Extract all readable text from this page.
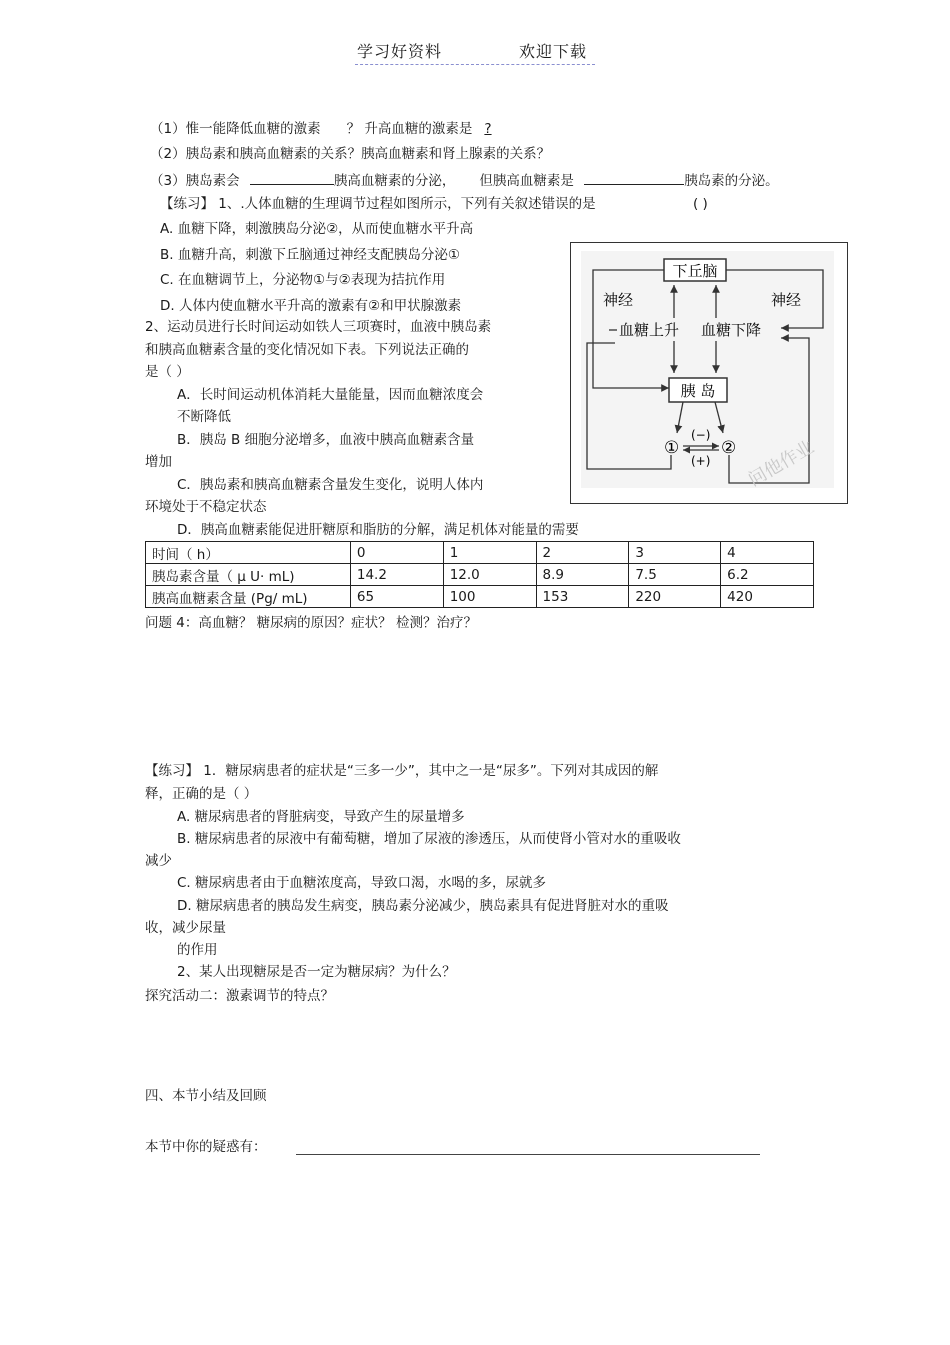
学习好资料	欢迎下载
（1）惟一能降低血糖的激素 ？ 升高血糖的激素是 ?
（2）胰岛素和胰高血糖素的关系？胰高血糖素和肾上腺素的关系？
（3）胰岛素会	胰高血糖素的分泌， 但胰高血糖素是	胰岛素的分泌。
【练习】 1、.人体血糖的生理调节过程如图所示，下列有关叙述错误的是	( )
A. 血糖下降，刺激胰岛分泌②，从而使血糖水平升高
B. 血糖升高，刺激下丘脑通过神经支配胰岛分泌①
C. 在血糖调节上，分泌物①与②表现为拮抗作用
D. 人体内使血糖水平升高的激素有②和甲状腺激素
2、运动员进行长时间运动如铁人三项赛时，血液中胰岛素
和胰高血糖素含量的变化情况如下表。下列说法正确的
是（ ）
A．长时间运动机体消耗大量能量，因而血糖浓度会
不断降低
B．胰岛 B 细胞分泌增多，血液中胰高血糖素含量
增加
C．胰岛素和胰高血糖素含量发生变化，说明人体内
环境处于不稳定状态
D．胰高血糖素能促进肝糖原和脂肪的分解，满足机体对能量的需要
下丘脑
神经	神经
血糖上升 血糖下降
胰 岛
① ②
(−)
(+) 问他作业
时间（ h）	0	1	2	3	4
胰岛素含量（ μ U· mL)	14.2	12.0	8.9	7.5	6.2
胰高血糖素含量 (Pg/ mL)	65	100	153	220	420
问题 4：高血糖？ 糖尿病的原因？症状？ 检测？治疗？
【练习】 1．糖尿病患者的症状是“三多一少”，其中之一是“尿多”。下列对其成因的解
释，正确的是（ ）
A. 糖尿病患者的肾脏病变，导致产生的尿量增多
B. 糖尿病患者的尿液中有葡萄糖，增加了尿液的渗透压，从而使肾小管对水的重吸收
减少
C. 糖尿病患者由于血糖浓度高，导致口渴，水喝的多，尿就多
D. 糖尿病患者的胰岛发生病变，胰岛素分泌减少，胰岛素具有促进肾脏对水的重吸
收，减少尿量
的作用
2、某人出现糖尿是否一定为糖尿病？为什么？
探究活动二：激素调节的特点？
四、本节小结及回顾
本节中你的疑惑有：
